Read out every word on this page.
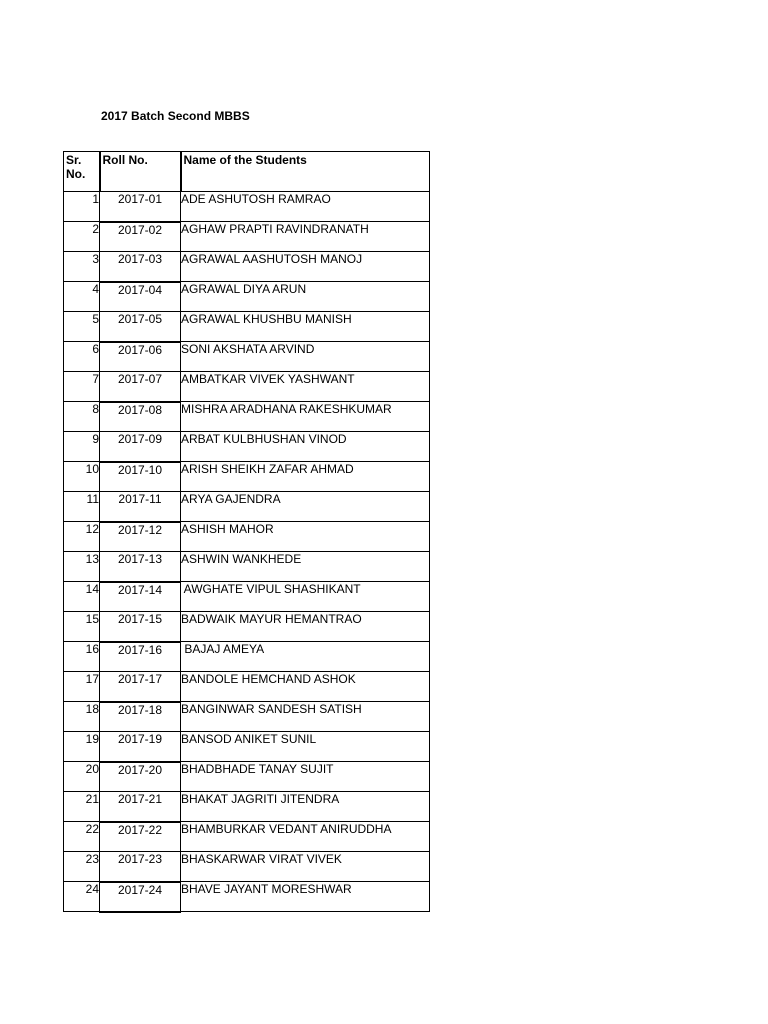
2017 Batch Second MBBS
Sr.
No.	Roll No.	Name of the Students
1	2017-01	ADE ASHUTOSH RAMRAO
2	2017-02	AGHAW PRAPTI RAVINDRANATH
3	2017-03	AGRAWAL AASHUTOSH MANOJ
4	2017-04	AGRAWAL DIYA ARUN
5	2017-05	AGRAWAL KHUSHBU MANISH
6	2017-06	SONI AKSHATA ARVIND
7	2017-07	AMBATKAR VIVEK YASHWANT
8	2017-08	MISHRA ARADHANA RAKESHKUMAR
9	2017-09	ARBAT KULBHUSHAN VINOD
10	2017-10	ARISH SHEIKH ZAFAR AHMAD
11	2017-11	ARYA GAJENDRA
12	2017-12	ASHISH MAHOR
13	2017-13	ASHWIN WANKHEDE
14	2017-14	AWGHATE VIPUL SHASHIKANT
15	2017-15	BADWAIK MAYUR HEMANTRAO
16	2017-16	BAJAJ AMEYA
17	2017-17	BANDOLE HEMCHAND ASHOK
18	2017-18	BANGINWAR SANDESH SATISH
19	2017-19	BANSOD ANIKET SUNIL
20	2017-20	BHADBHADE TANAY SUJIT
21	2017-21	BHAKAT JAGRITI JITENDRA
22	2017-22	BHAMBURKAR VEDANT ANIRUDDHA
23	2017-23	BHASKARWAR VIRAT VIVEK
24	2017-24	BHAVE JAYANT MORESHWAR
